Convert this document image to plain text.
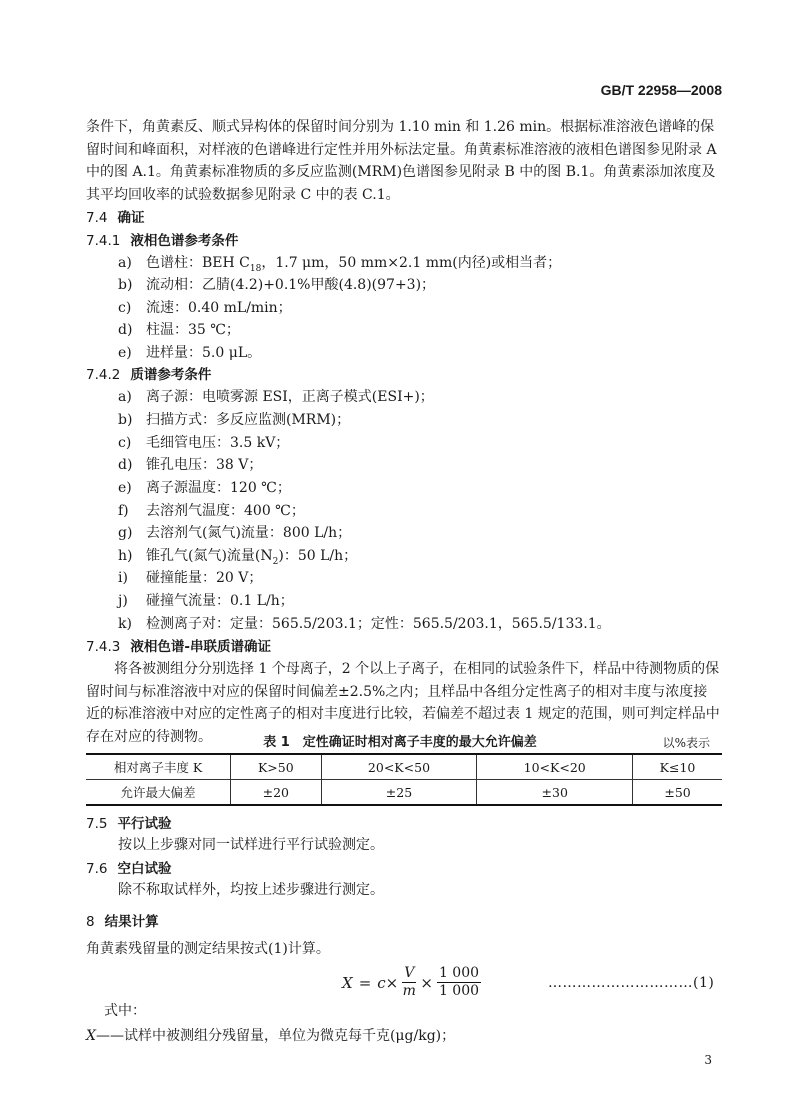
GB/T 22958—2008
条件下，角黄素反、顺式异构体的保留时间分别为 1.10 min 和 1.26 min。根据标准溶液色谱峰的保留时间和峰面积，对样液的色谱峰进行定性并用外标法定量。角黄素标准溶液的液相色谱图参见附录 A 中的图 A.1。角黄素标准物质的多反应监测(MRM)色谱图参见附录 B 中的图 B.1。角黄素添加浓度及其平均回收率的试验数据参见附录 C 中的表 C.1。
7.4 确证
7.4.1 液相色谱参考条件
a) 色谱柱：BEH $C_{18}$，1.7 μm，50 mm×2.1 mm(内径)或相当者；
b) 流动相：乙腈(4.2)+0.1%甲酸(4.8)(97+3)；
c) 流速：0.40 mL/min；
d) 柱温：35 ℃；
e) 进样量：5.0 μL。
7.4.2 质谱参考条件
a) 离子源：电喷雾源 ESI，正离子模式(ESI+)；
b) 扫描方式：多反应监测(MRM)；
c) 毛细管电压：3.5 kV；
d) 锥孔电压：38 V；
e) 离子源温度：120 ℃；
f) 去溶剂气温度：400 ℃；
g) 去溶剂气(氮气)流量：800 L/h；
h) 锥孔气(氮气)流量$(N_2)$：50 L/h；
i) 碰撞能量：20 V；
j) 碰撞气流量：0.1 L/h；
k) 检测离子对：定量：565.5/203.1；定性：565.5/203.1，565.5/133.1。
7.4.3 液相色谱-串联质谱确证
将各被测组分分别选择 1 个母离子，2 个以上子离子，在相同的试验条件下，样品中待测物质的保留时间与标准溶液中对应的保留时间偏差±2.5%之内；且样品中各组分定性离子的相对丰度与浓度接近的标准溶液中对应的定性离子的相对丰度进行比较，若偏差不超过表 1 规定的范围，则可判定样品中存在对应的待测物。	表 1　定性确证时相对离子丰度的最大允许偏差	以%表示
相对离子丰度 K	K>50	20<K<50	10<K<20	K≤10
允许最大偏差	±20	±25	±30	±50
7.5 平行试验
按以上步骤对同一试样进行平行试验测定。
7.6 空白试验
除不称取试样外，均按上述步骤进行测定。
8 结果计算
角黄素残留量的测定结果按式(1)计算。
$X = c \times \frac{V}{m} \times \frac{1 000}{1 000}$	…………………………(1)
式中：
X——试样中被测组分残留量，单位为微克每千克(μg/kg)；
3
